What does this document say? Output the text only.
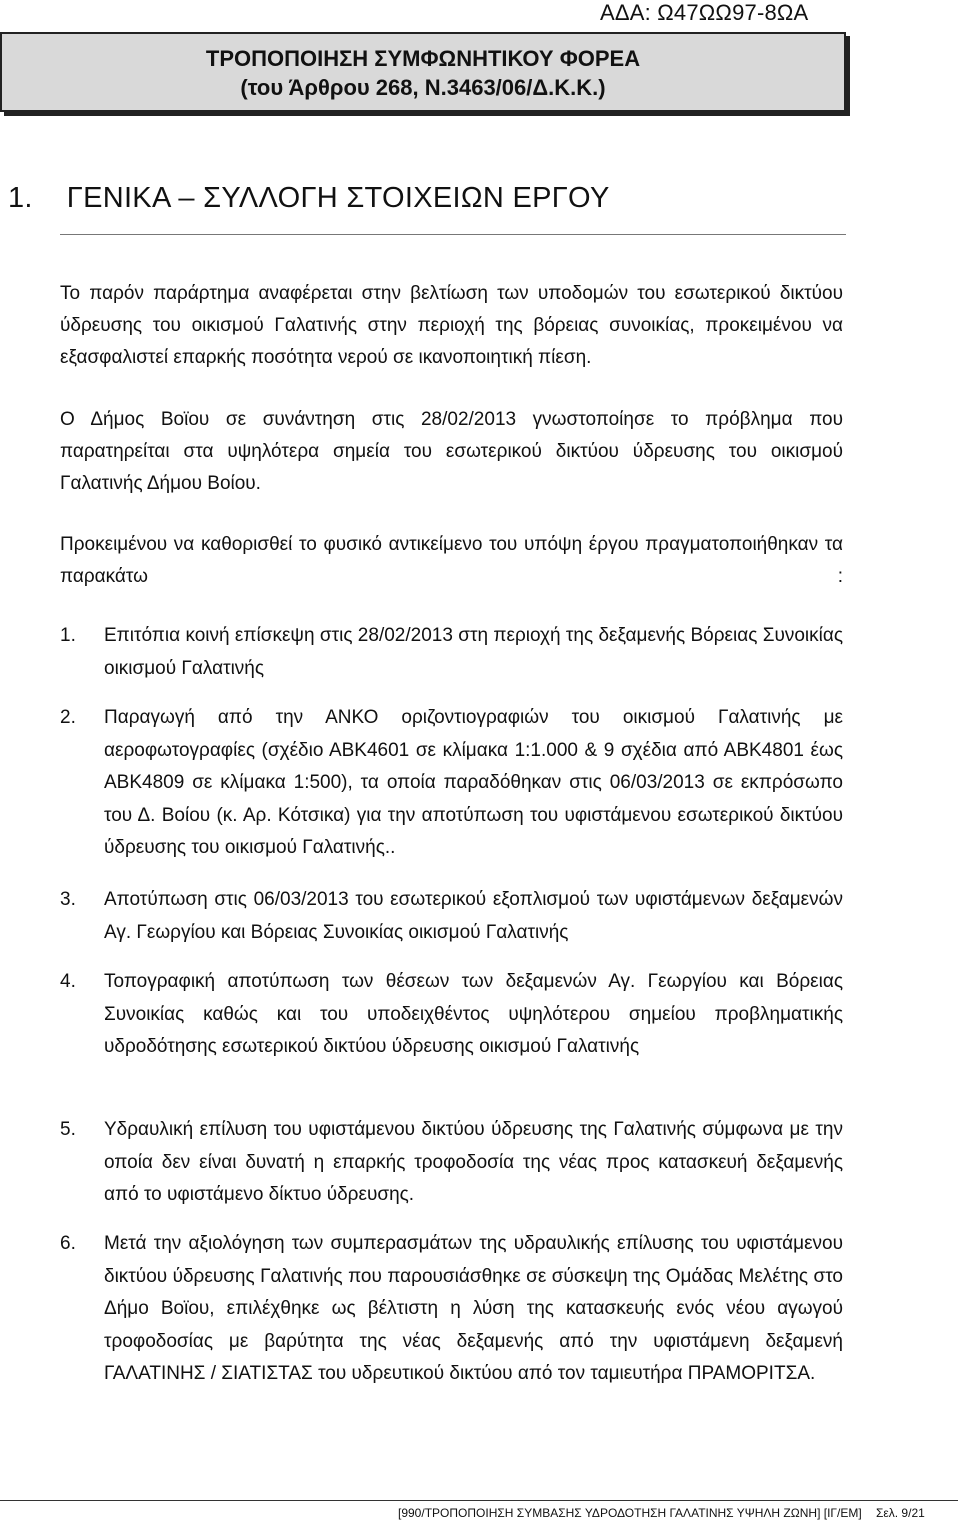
ΑΔΑ: Ω47ΩΩ97-8ΩΑ
ΤΡΟΠΟΠΟΙΗΣΗ ΣΥΜΦΩΝΗΤΙΚΟΥ ΦΟΡΕΑ
(του Άρθρου 268, Ν.3463/06/Δ.Κ.Κ.)
1. ΓΕΝΙΚΑ – ΣΥΛΛΟΓΗ ΣΤΟΙΧΕΙΩΝ ΕΡΓΟΥ

Το παρόν παράρτημα αναφέρεται στην βελτίωση των υποδομών του εσωτερικού δικτύου ύδρευσης του οικισμού Γαλατινής στην περιοχή της βόρειας συνοικίας, προκειμένου να εξασφαλιστεί επαρκής ποσότητα νερού σε ικανοποιητική πίεση.

Ο Δήμος Βοϊου σε συνάντηση στις 28/02/2013 γνωστοποίησε το πρόβλημα που παρατηρείται στα υψηλότερα σημεία του εσωτερικού δικτύου ύδρευσης του οικισμού Γαλατινής Δήμου Βοίου.

Προκειμένου να καθορισθεί το φυσικό αντικείμενο του υπόψη έργου πραγματοποιήθηκαν τα παρακάτω :

1. Επιτόπια κοινή επίσκεψη στις 28/02/2013 στη περιοχή της δεξαμενής Βόρειας Συνοικίας οικισμού Γαλατινής
2. Παραγωγή από την ΑΝΚΟ οριζοντιογραφιών του οικισμού Γαλατινής με αεροφωτογραφίες (σχέδιο ΑΒΚ4601 σε κλίμακα 1:1.000 & 9 σχέδια από ΑΒΚ4801 έως ΑΒΚ4809 σε κλίμακα 1:500), τα οποία παραδόθηκαν στις 06/03/2013 σε εκπρόσωπο του Δ. Βοίου (κ. Αρ. Κότσικα) για την αποτύπωση του υφιστάμενου εσωτερικού δικτύου ύδρευσης του οικισμού Γαλατινής..
3. Αποτύπωση στις 06/03/2013 του εσωτερικού εξοπλισμού των υφιστάμενων δεξαμενών Αγ. Γεωργίου και Βόρειας Συνοικίας οικισμού Γαλατινής
4. Τοπογραφική αποτύπωση των θέσεων των δεξαμενών Αγ. Γεωργίου και Βόρειας Συνοικίας καθώς και του υποδειχθέντος υψηλότερου σημείου προβληματικής υδροδότησης εσωτερικού δικτύου ύδρευσης οικισμού Γαλατινής
5. Υδραυλική επίλυση του υφιστάμενου δικτύου ύδρευσης της Γαλατινής σύμφωνα με την οποία δεν είναι δυνατή η επαρκής τροφοδοσία της νέας προς κατασκευή δεξαμενής από το υφιστάμενο δίκτυο ύδρευσης.
6. Μετά την αξιολόγηση των συμπερασμάτων της υδραυλικής επίλυσης του υφιστάμενου δικτύου ύδρευσης Γαλατινής που παρουσιάσθηκε σε σύσκεψη της Ομάδας Μελέτης στο Δήμο Βοϊου, επιλέχθηκε ως βέλτιστη η λύση της κατασκευής ενός νέου αγωγού τροφοδοσίας με βαρύτητα της νέας δεξαμενής από την υφιστάμενη δεξαμενή ΓΑΛΑΤΙΝΗΣ / ΣΙΑΤΙΣΤΑΣ του υδρευτικού δικτύου από τον ταμιευτήρα ΠΡΑΜΟΡΙΤΣΑ.
[990/ΤΡΟΠΟΠΟΙΗΣΗ ΣΥΜΒΑΣΗΣ ΥΔΡΟΔΟΤΗΣΗ ΓΑΛΑΤΙΝΗΣ ΥΨΗΛΗ ΖΩΝΗ] [ΙΓ/ΕΜ] Σελ. 9/21
